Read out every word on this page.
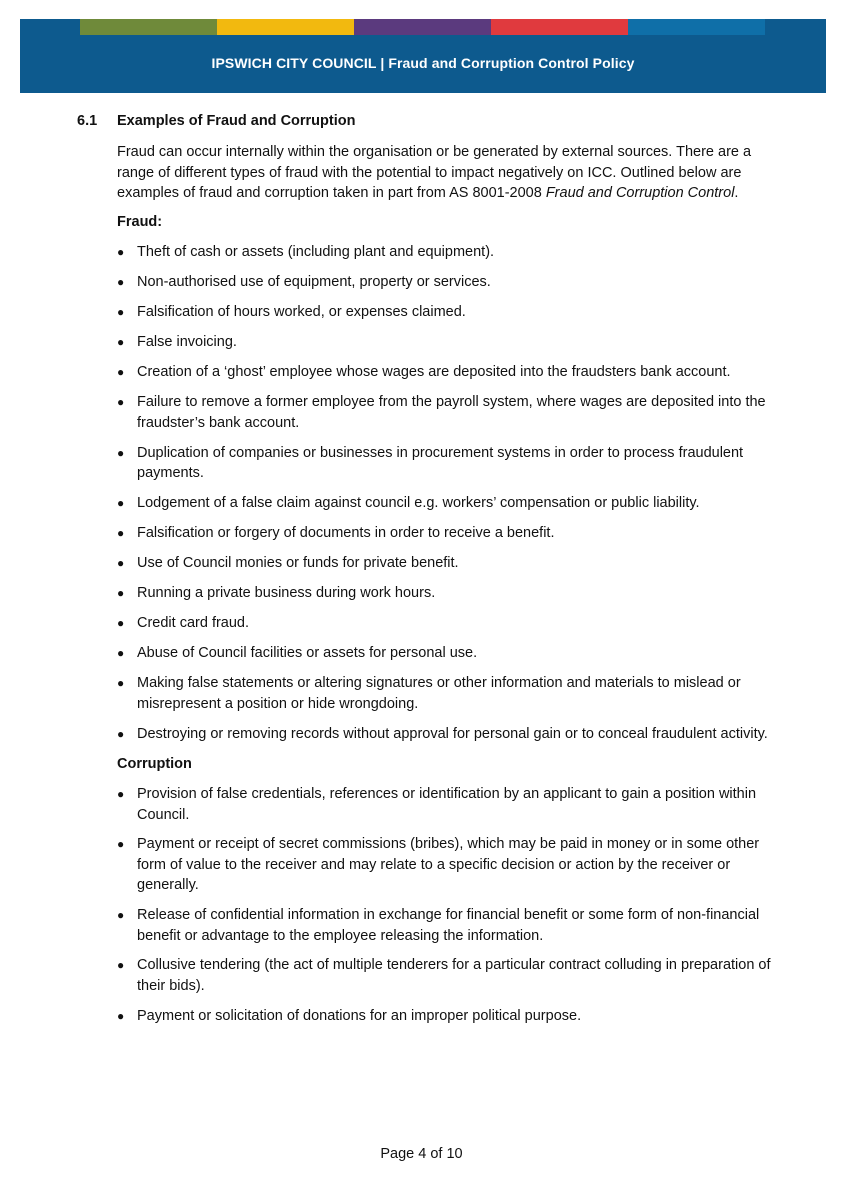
IPSWICH CITY COUNCIL | Fraud and Corruption Control Policy
6.1 Examples of Fraud and Corruption

Fraud can occur internally within the organisation or be generated by external sources. There are a range of different types of fraud with the potential to impact negatively on ICC. Outlined below are examples of fraud and corruption taken in part from AS 8001-2008 Fraud and Corruption Control.

Fraud:
● Theft of cash or assets (including plant and equipment).
● Non-authorised use of equipment, property or services.
● Falsification of hours worked, or expenses claimed.
● False invoicing.
● Creation of a ‘ghost’ employee whose wages are deposited into the fraudsters bank account.
● Failure to remove a former employee from the payroll system, where wages are deposited into the fraudster’s bank account.
● Duplication of companies or businesses in procurement systems in order to process fraudulent payments.
● Lodgement of a false claim against council e.g. workers’ compensation or public liability.
● Falsification or forgery of documents in order to receive a benefit.
● Use of Council monies or funds for private benefit.
● Running a private business during work hours.
● Credit card fraud.
● Abuse of Council facilities or assets for personal use.
● Making false statements or altering signatures or other information and materials to mislead or misrepresent a position or hide wrongdoing.
● Destroying or removing records without approval for personal gain or to conceal fraudulent activity.
Corruption
● Provision of false credentials, references or identification by an applicant to gain a position within Council.
● Payment or receipt of secret commissions (bribes), which may be paid in money or in some other form of value to the receiver and may relate to a specific decision or action by the receiver or generally.
● Release of confidential information in exchange for financial benefit or some form of non-financial benefit or advantage to the employee releasing the information.
● Collusive tendering (the act of multiple tenderers for a particular contract colluding in preparation of their bids).
● Payment or solicitation of donations for an improper political purpose.
Page 4 of 10
